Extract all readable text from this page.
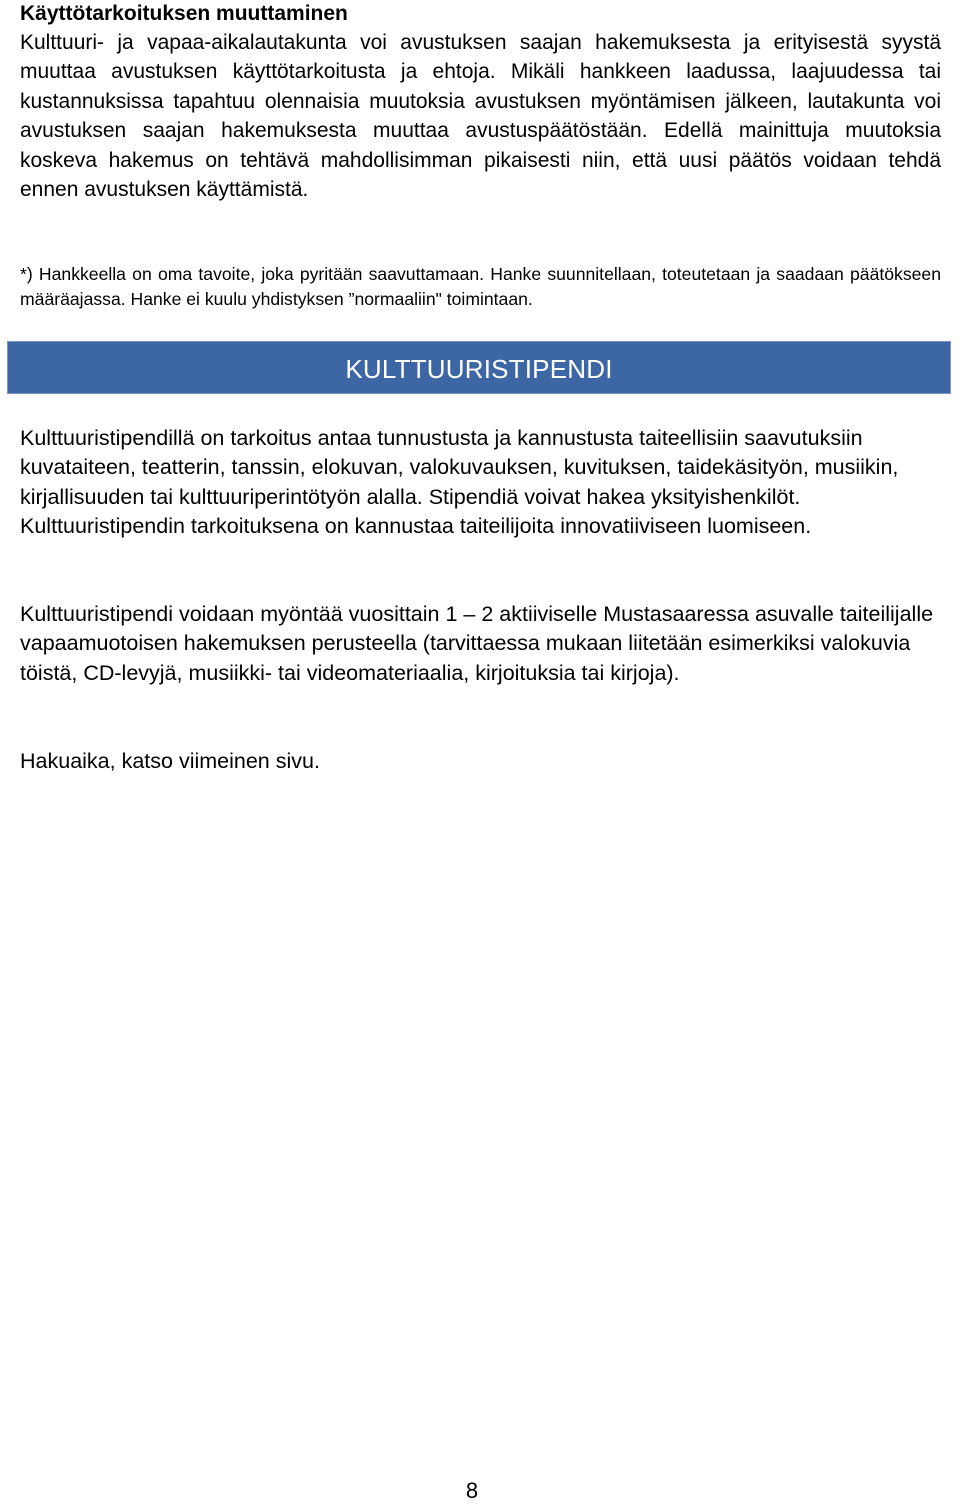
Käyttötarkoituksen muuttaminen

Kulttuuri- ja vapaa-aikalautakunta voi avustuksen saajan hakemuksesta ja erityisestä syystä muuttaa avustuksen käyttötarkoitusta ja ehtoja. Mikäli hankkeen laadussa, laajuudessa tai kustannuksissa tapahtuu olennaisia muutoksia avustuksen myöntämisen jälkeen, lautakunta voi avustuksen saajan hakemuksesta muuttaa avustuspäätöstään. Edellä mainittuja muutoksia koskeva hakemus on tehtävä mahdollisimman pikaisesti niin, että uusi päätös voidaan tehdä ennen avustuksen käyttämistä.

*) Hankkeella on oma tavoite, joka pyritään saavuttamaan. Hanke suunnitellaan, toteutetaan ja saadaan päätökseen määräajassa. Hanke ei kuulu yhdistyksen ”normaaliin" toimintaan.

KULTTUURISTIPENDI

Kulttuuristipendillä on tarkoitus antaa tunnustusta ja kannustusta taiteellisiin saavutuksiin kuvataiteen, teatterin, tanssin, elokuvan, valokuvauksen, kuvituksen, taidekäsityön, musiikin, kirjallisuuden tai kulttuuriperintötyön alalla. Stipendiä voivat hakea yksityishenkilöt. Kulttuuristipendin tarkoituksena on kannustaa taiteilijoita innovatiiviseen luomiseen.

Kulttuuristipendi voidaan myöntää vuosittain 1 – 2 aktiiviselle Mustasaaressa asuvalle taiteilijalle vapaamuotoisen hakemuksen perusteella (tarvittaessa mukaan liitetään esimerkiksi valokuvia töistä, CD-levyjä, musiikki- tai videomateriaalia, kirjoituksia tai kirjoja).

Hakuaika, katso viimeinen sivu.

8
